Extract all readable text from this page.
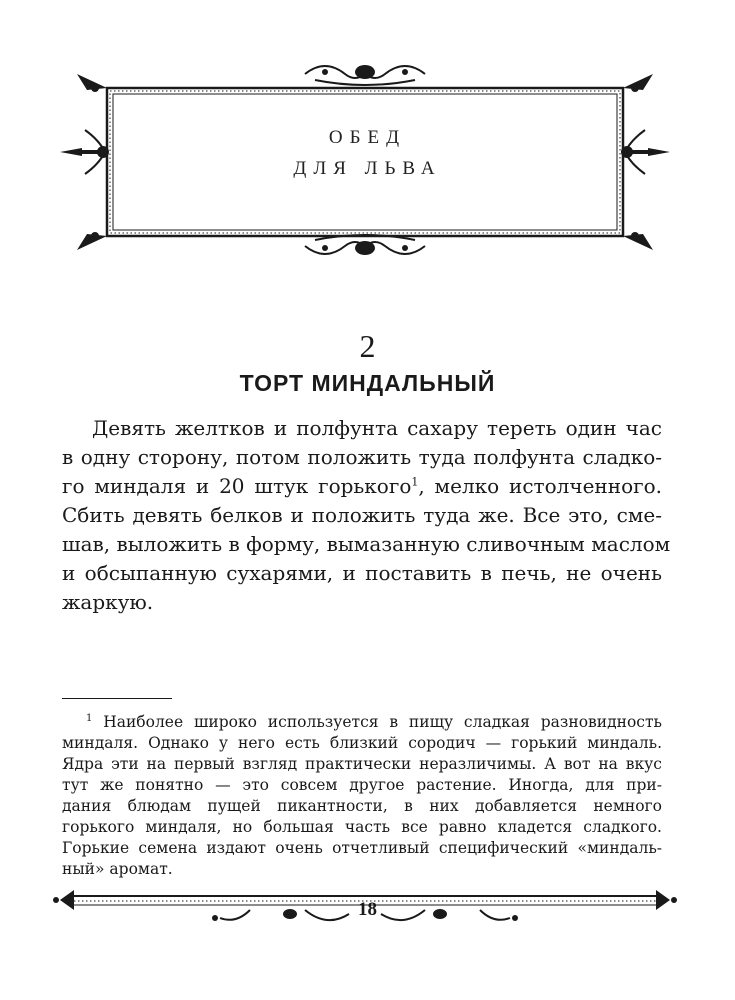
ОБЕД
ДЛЯ ЛЬВА
2
ТОРТ МИНДАЛЬНЫЙ
Девять желтков и полфунта сахару тереть один час
в одну сторону, потом положить туда полфунта сладко-
го миндаля и 20 штук горького$^1$, мелко истолченного.
Сбить девять белков и положить туда же. Все это, сме-
шав, выложить в форму, вымазанную сливочным маслом
и обсыпанную сухарями, и поставить в печь, не очень
жаркую.
$^1$ Наиболее широко используется в пищу сладкая разновидность
миндаля. Однако у него есть близкий сородич — горький миндаль.
Ядра эти на первый взгляд практически неразличимы. А вот на вкус
тут же понятно — это совсем другое растение. Иногда, для при-
дания блюдам пущей пикантности, в них добавляется немного
горького миндаля, но большая часть все равно кладется сладкого.
Горькие семена издают очень отчетливый специфический «миндаль-
ный» аромат.
18
